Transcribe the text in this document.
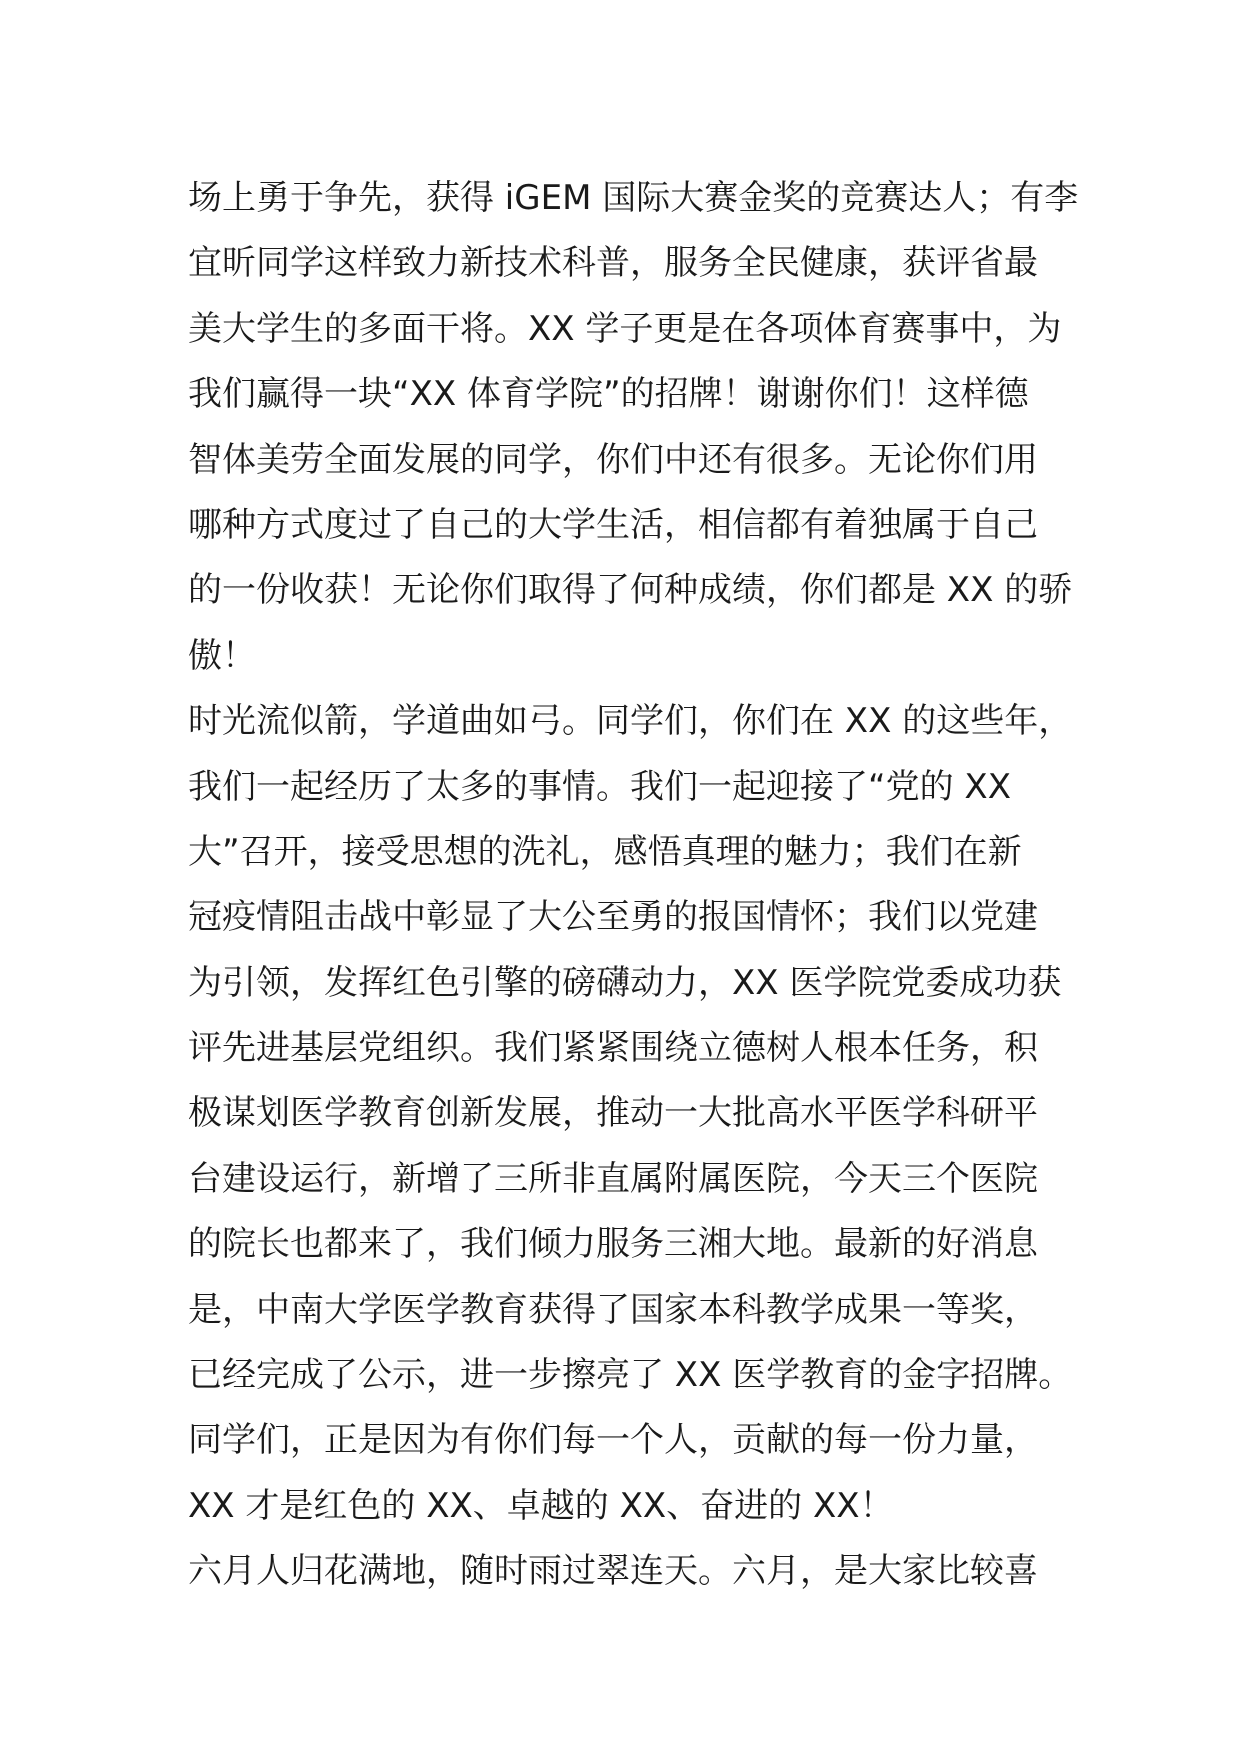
场上勇于争先，获得 iGEM 国际大赛金奖的竞赛达人；有李
宜昕同学这样致力新技术科普，服务全民健康，获评省最
美大学生的多面干将。XX 学子更是在各项体育赛事中，为
我们赢得一块“XX 体育学院”的招牌！谢谢你们！这样德
智体美劳全面发展的同学，你们中还有很多。无论你们用
哪种方式度过了自己的大学生活，相信都有着独属于自己
的一份收获！无论你们取得了何种成绩，你们都是 XX 的骄
傲！
时光流似箭，学道曲如弓。同学们，你们在 XX 的这些年，
我们一起经历了太多的事情。我们一起迎接了“党的 XX
大”召开，接受思想的洗礼，感悟真理的魅力；我们在新
冠疫情阻击战中彰显了大公至勇的报国情怀；我们以党建
为引领，发挥红色引擎的磅礴动力，XX 医学院党委成功获
评先进基层党组织。我们紧紧围绕立德树人根本任务，积
极谋划医学教育创新发展，推动一大批高水平医学科研平
台建设运行，新增了三所非直属附属医院，今天三个医院
的院长也都来了，我们倾力服务三湘大地。最新的好消息
是，中南大学医学教育获得了国家本科教学成果一等奖，
已经完成了公示，进一步擦亮了 XX 医学教育的金字招牌。
同学们，正是因为有你们每一个人，贡献的每一份力量，
XX 才是红色的 XX、卓越的 XX、奋进的 XX！
六月人归花满地，随时雨过翠连天。六月，是大家比较喜
